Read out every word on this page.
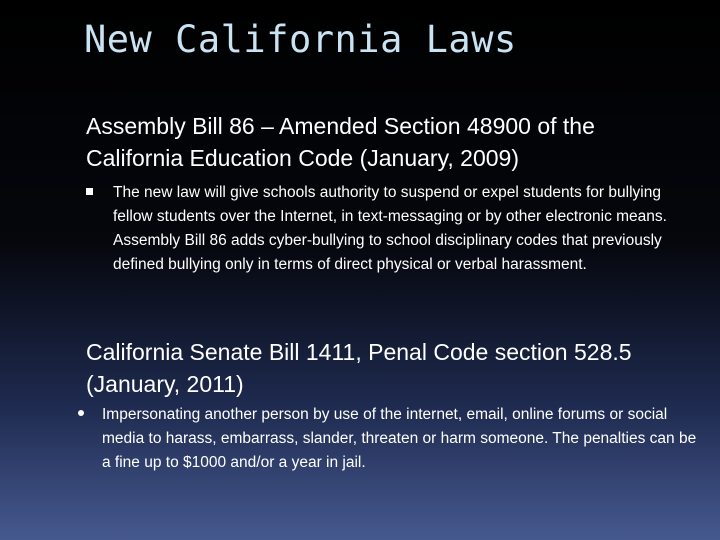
New California Laws
Assembly Bill 86 – Amended Section 48900 of the California Education Code (January, 2009)
The new law will give schools authority to suspend or expel students for bullying fellow students over the Internet, in text-messaging or by other electronic means. Assembly Bill 86 adds cyber-bullying to school disciplinary codes that previously defined bullying only in terms of direct physical or verbal harassment.
California Senate Bill 1411, Penal Code section 528.5 (January, 2011)
Impersonating another person by use of the internet, email, online forums or social media to harass, embarrass, slander, threaten or harm someone. The penalties can be a fine up to $1000 and/or a year in jail.
